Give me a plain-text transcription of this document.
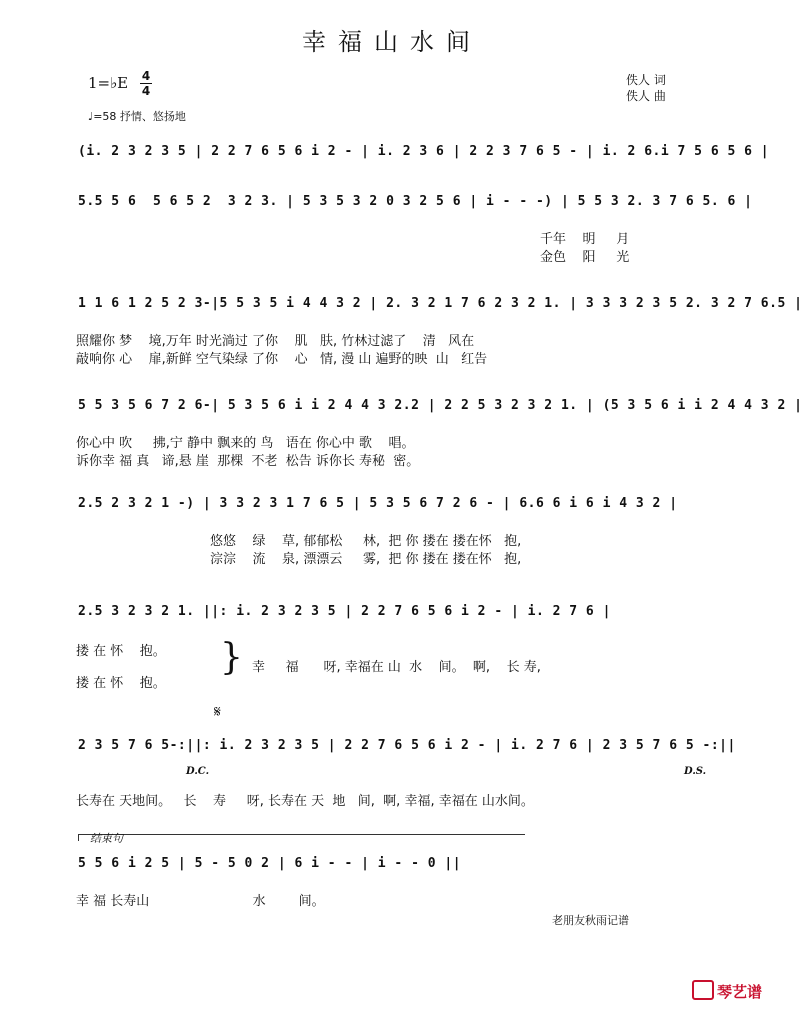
幸福山水间
1=♭E 4
4
佚人 词
佚人 曲
♩=58 抒情、悠扬地
(i. 2 3 2 3 5 | 2 2 7 6 5 6 i 2 - | i. 2 3 6 | 2 2 3 7 6 5 - | i. 2 6.i 7 5 6 5 6 |
5.5 5 6  5 6 5 2  3 2 3. | 5 3 5 3 2 0 3 2 5 6 | i - - -) | 5 5 3 2. 3 7 6 5. 6 |
千年    明     月
金色    阳     光
1 1 6 1 2 5 2 3-|5 5 3 5 i 4 4 3 2 | 2. 3 2 1 7 6 2 3 2 1. | 3 3 3 2 3 5 2. 3 2 7 6.5 |
照耀你 梦    境,万年 时光淌过 了你    肌   肤, 竹林过滤了    清   风在
敲响你 心    扉,新鲜 空气染绿 了你    心   情, 漫 山 遍野的映  山   红告
5 5 3 5 6 7 2 6-| 5 3 5 6 i i 2 4 4 3 2.2 | 2 2 5 3 2 3 2 1. | (5 3 5 6 i i 2 4 4 3 2 |
你心中 吹     拂,宁 静中 飘来的 鸟   语在 你心中 歌    唱。
诉你幸 福 真   谛,悬 崖  那棵  不老  松告 诉你长 寿秘  密。
2.5 2 3 2 1 -) | 3 3 2 3 1 7 6 5 | 5 3 5 6 7 2 6 - | 6.6 6 i 6 i 4 3 2 |
悠悠    绿    草, 郁郁松     林,  把 你 搂在 搂在怀   抱,
淙淙    流    泉, 漂漂云     雾,  把 你 搂在 搂在怀   抱,
2.5 3 2 3 2 1. ||: i. 2 3 2 3 5 | 2 2 7 6 5 6 i 2 - | i. 2 7 6 |
搂 在 怀    抱。
搂 在 怀    抱。
} 幸     福      呀, 幸福在 山  水    间。  啊,    长 寿,
𝄋
2 3 5 7 6 5-:||: i. 2 3 2 3 5 | 2 2 7 6 5 6 i 2 - | i. 2 7 6 | 2 3 5 7 6 5 -:||
D.C.	D.S.
长寿在 天地间。   长    寿     呀, 长寿在 天  地   间,  啊, 幸福, 幸福在 山水间。
结束句
5 5 6 i 2 5 | 5 - 5 0 2 | 6 i - - | i - - 0 ||
幸 福 长寿山                         水        间。
老朋友秋雨记谱
琴艺谱
